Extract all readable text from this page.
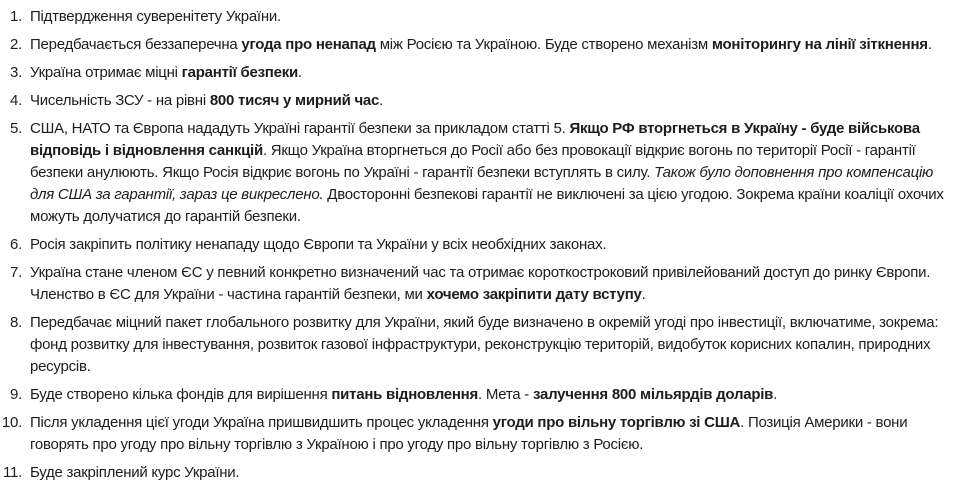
1. Підтвердження суверенітету України.
2. Передбачається беззаперечна угода про ненапад між Росією та Україною. Буде створено механізм моніторингу на лінії зіткнення.
3. Україна отримає міцні гарантії безпеки.
4. Чисельність ЗСУ - на рівні 800 тисяч у мирний час.
5. США, НАТО та Європа нададуть Україні гарантії безпеки за прикладом статті 5. Якщо РФ вторгнеться в Україну - буде військова відповідь і відновлення санкцій. Якщо Україна вторгнеться до Росії або без провокації відкриє вогонь по території Росії - гарантії безпеки анулюють. Якщо Росія відкриє вогонь по Україні - гарантії безпеки вступлять в силу. Також було доповнення про компенсацію для США за гарантії, зараз це викреслено. Двосторонні безпекові гарантії не виключені за цією угодою. Зокрема країни коаліції охочих можуть долучатися до гарантій безпеки.
6. Росія закріпить політику ненападу щодо Європи та України у всіх необхідних законах.
7. Україна стане членом ЄС у певний конкретно визначений час та отримає короткостроковий привілейований доступ до ринку Європи. Членство в ЄС для України - частина гарантій безпеки, ми хочемо закріпити дату вступу.
8. Передбачає міцний пакет глобального розвитку для України, який буде визначено в окремій угоді про інвестиції, включатиме, зокрема: фонд розвитку для інвестування, розвиток газової інфраструктури, реконструкцію територій, видобуток корисних копалин, природних ресурсів.
9. Буде створено кілька фондів для вирішення питань відновлення. Мета - залучення 800 мільярдів доларів.
10. Після укладення цієї угоди Україна пришвидшить процес укладення угоди про вільну торгівлю зі США. Позиція Америки - вони говорять про угоду про вільну торгівлю з Україною і про угоду про вільну торгівлю з Росією.
11. Буде закріплений курс України.
